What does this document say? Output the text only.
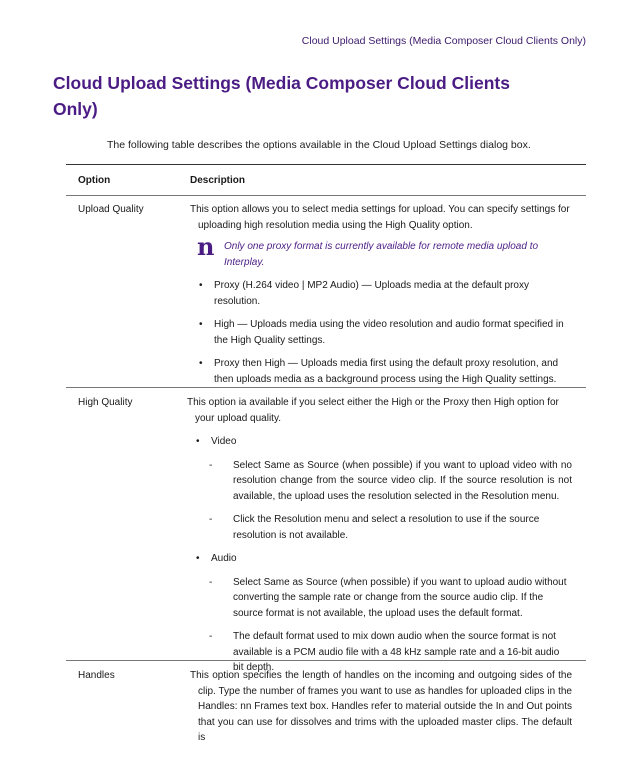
Cloud Upload Settings (Media Composer Cloud Clients Only)
Cloud Upload Settings (Media Composer Cloud Clients Only)
The following table describes the options available in the Cloud Upload Settings dialog box.
Option	Description
Upload Quality	This option allows you to select media settings for upload. You can specify settings for uploading high resolution media using the High Quality option.

n Only one proxy format is currently available for remote media upload to Interplay.
• Proxy (H.264 video | MP2 Audio) — Uploads media at the default proxy resolution.
• High — Uploads media using the video resolution and audio format specified in the High Quality settings.
• Proxy then High — Uploads media first using the default proxy resolution, and then uploads media as a background process using the High Quality settings.
High Quality	This option ia available if you select either the High or the Proxy then High option for your upload quality.

• Video
- Select Same as Source (when possible) if you want to upload video with no resolution change from the source video clip. If the source resolution is not available, the upload uses the resolution selected in the Resolution menu.
- Click the Resolution menu and select a resolution to use if the source resolution is not available.
• Audio
- Select Same as Source (when possible) if you want to upload audio without converting the sample rate or change from the source audio clip. If the source format is not available, the upload uses the default format.
- The default format used to mix down audio when the source format is not available is a PCM audio file with a 48 kHz sample rate and a 16-bit audio bit depth.
Handles	This option specifies the length of handles on the incoming and outgoing sides of the clip. Type the number of frames you want to use as handles for uploaded clips in the Handles: nn Frames text box. Handles refer to material outside the In and Out points that you can use for dissolves and trims with the uploaded master clips. The default is
